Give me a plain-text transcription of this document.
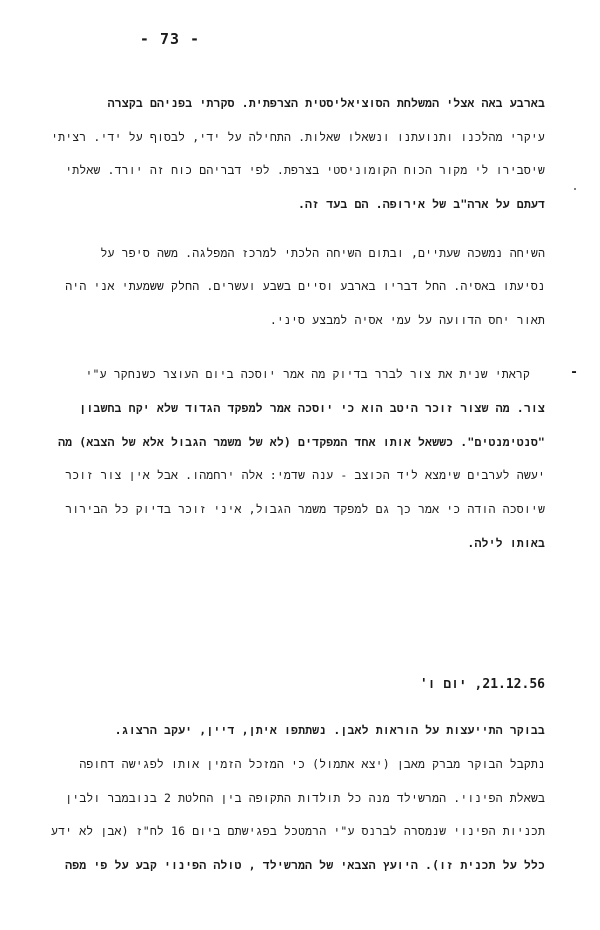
- 73 -
בארבע באה אצלי המשלחת הסוציאליסטית הצרפתית. סקרתי בפניהם בקצרה
עיקרי מהלכנו ותנועתנו ונשאלו שאלות. התחילה על ידי, לבסוף על ידי. רציתי
שיסבירו לי מקור הכוח הקומוניסטי בצרפת. לפי דבריהם כוח זה יורד. שאלתי
דעתם על ארה"ב של אירופה. הם בעד זה.
השיחה נמשכה שעתיים, ובתום השיחה הלכתי למרכז המפלגה. משה סיפר על
נסיעתו באסיה. החל דבריו בארבע וסיים בשבע ועשרים. החלק ששמעתי אני היה
תאור יחס הדוועה על עמי אסיה למבצע סיני.
-
קראתי שנית את צור לברר בדיוק מה אמר יוסכה ביום העוצר כשנחקר ע"י
צור. מה שצור זוכר היטב הוא כי יוסכה אמר למפקד הגדוד שלא יקח בחשבון
"סנטימנטים". כששאל אותו אחד המפקדים (לא של משמר הגבול אלא של הצבא) מה
יעשה לערבים שימצא ליד הכוצב - ענה שדמי: אלה ירחמהו. אבל אין צור זוכר
שיוסכה הודה כי אמר כך גם למפקד משמר הגבול, איני זוכר בדיוק כל הבירור
באותו לילה.
21.12.56, יום ו'
בבוקר התייעצות על הוראות לאבן. נשתתפו איתן, דיין, יעקב הרצוג.
נתקבל הבוקר מברק מאבן (יצא אתמול) כי המזכל הזמין אותו לפגישה דחופה
בשאלת הפינוי. המרשילד מנה כל תולדות התקופה בין החלטת 2 בנובמבר ולבין
תכניות הפינוי שנמסרה לברנס ע"י הרמטכל בפגישתם ביום 16 לח"ז (אבן לא ידע
כלל על תכנית זו). היועץ הצבאי של המרשילד , טולה הפינוי קבע על פי מפה
